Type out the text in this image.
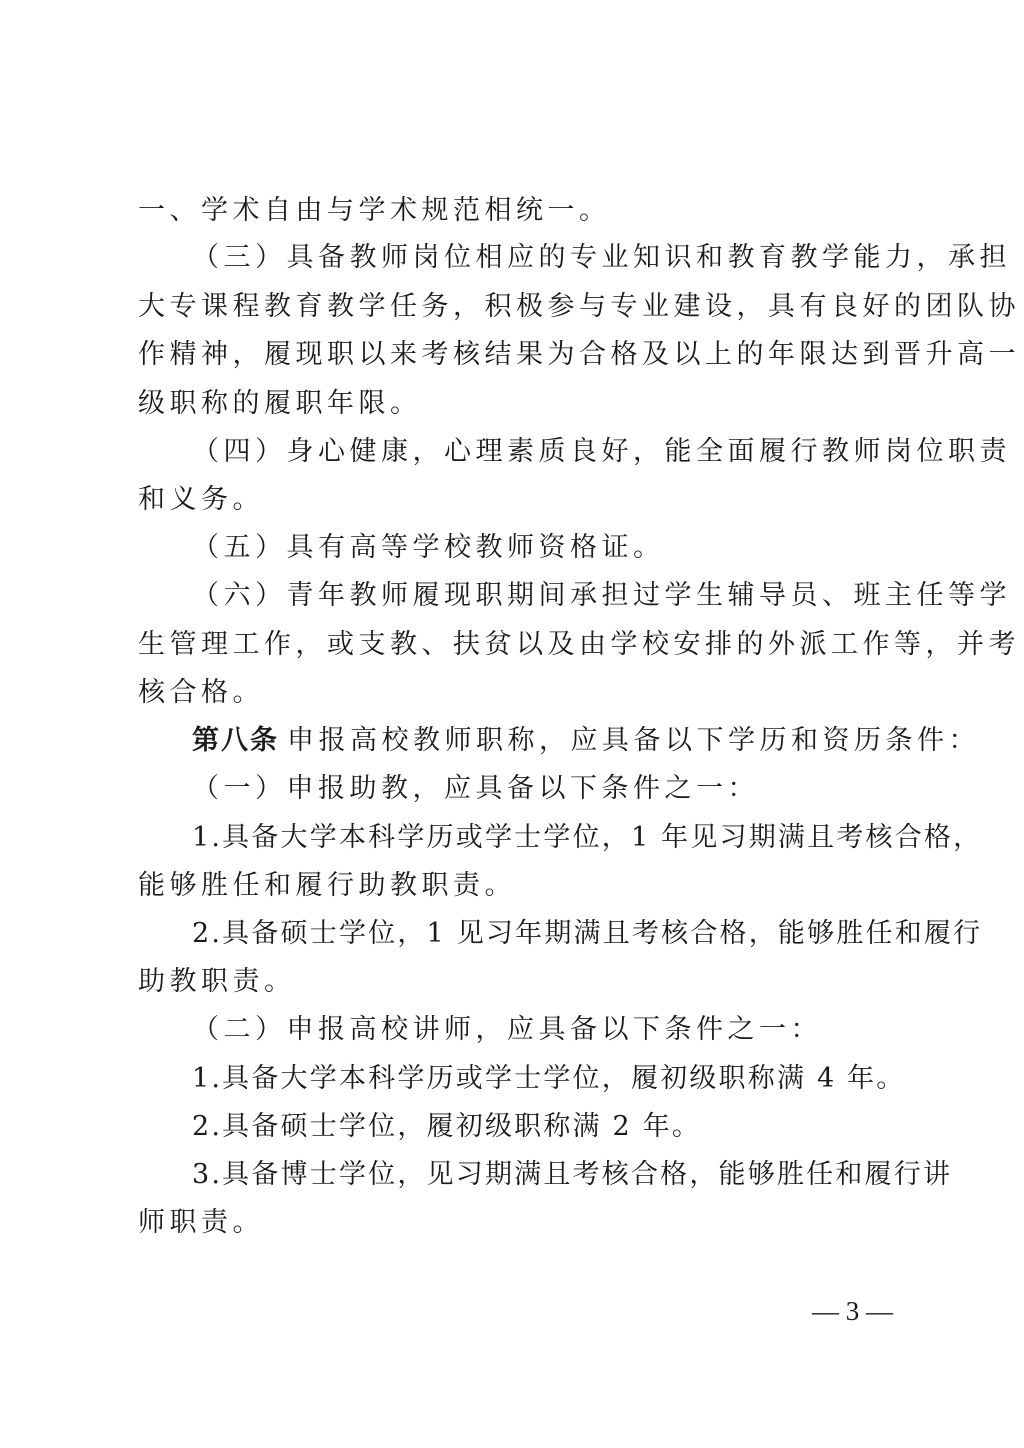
一、学术自由与学术规范相统一。
（三）具备教师岗位相应的专业知识和教育教学能力，承担
大专课程教育教学任务，积极参与专业建设，具有良好的团队协
作精神，履现职以来考核结果为合格及以上的年限达到晋升高一
级职称的履职年限。
（四）身心健康，心理素质良好，能全面履行教师岗位职责
和义务。
（五）具有高等学校教师资格证。
（六）青年教师履现职期间承担过学生辅导员、班主任等学
生管理工作，或支教、扶贫以及由学校安排的外派工作等，并考
核合格。
第八条 申报高校教师职称，应具备以下学历和资历条件：
（一）申报助教，应具备以下条件之一：
1.具备大学本科学历或学士学位，1 年见习期满且考核合格，
能够胜任和履行助教职责。
2.具备硕士学位，1 见习年期满且考核合格，能够胜任和履行
助教职责。
（二）申报高校讲师，应具备以下条件之一：
1.具备大学本科学历或学士学位，履初级职称满 4 年。
2.具备硕士学位，履初级职称满 2 年。
3.具备博士学位，见习期满且考核合格，能够胜任和履行讲
师职责。
— 3 —
